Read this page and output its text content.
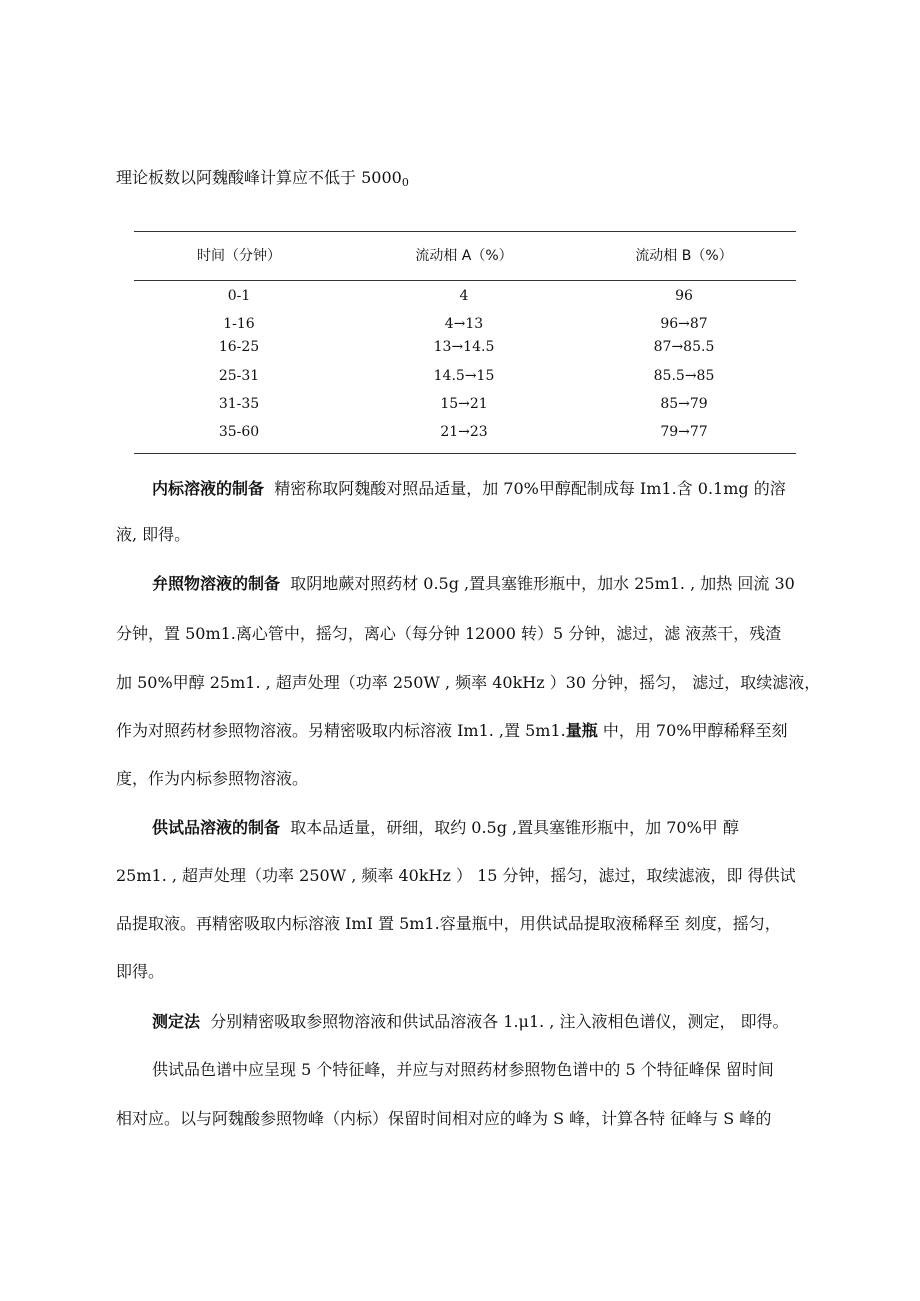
理论板数以阿魏酸峰计算应不低于 $5000_0$
时间（分钟）	流动相 A（%）	流动相 B（%）
0-1	4	96
1-16	4→13	96→87
16-25	13→14.5	87→85.5
25-31	14.5→15	85.5→85
31-35	15→21	85→79
35-60	21→23	79→77
内标溶液的制备 精密称取阿魏酸对照品适量，加 70%甲醇配制成每 Im1.含 0.1mg 的溶
液, 即得。
弁照物溶液的制备 取阴地蕨对照药材 0.5g ,置具塞锥形瓶中，加水 25m1. , 加热 回流 30
分钟，置 50m1.离心管中，摇匀，离心（每分钟 12000 转）5 分钟，滤过，滤 液蒸干，残渣
加 50%甲醇 25m1. , 超声处理（功率 250W , 频率 40kHz ）30 分钟，摇匀， 滤过，取续滤液，
作为对照药材参照物溶液。另精密吸取内标溶液 Im1. ,置 5m1.量瓶 中，用 70%甲醇稀释至刻
度，作为内标参照物溶液。
供试品溶液的制备 取本品适量，研细，取约 0.5g ,置具塞锥形瓶中，加 70%甲 醇
25m1. , 超声处理（功率 250W , 频率 40kHz ） 15 分钟，摇匀，滤过，取续滤液，即 得供试
品提取液。再精密吸取内标溶液 ImI 置 5m1.容量瓶中，用供试品提取液稀释至 刻度，摇匀，
即得。
测定法 分别精密吸取参照物溶液和供试品溶液各 1.μ1. , 注入液相色谱仪，测定， 即得。
供试品色谱中应呈现 5 个特征峰，并应与对照药材参照物色谱中的 5 个特征峰保 留时间
相对应。以与阿魏酸参照物峰（内标）保留时间相对应的峰为 S 峰，计算各特 征峰与 S 峰的
